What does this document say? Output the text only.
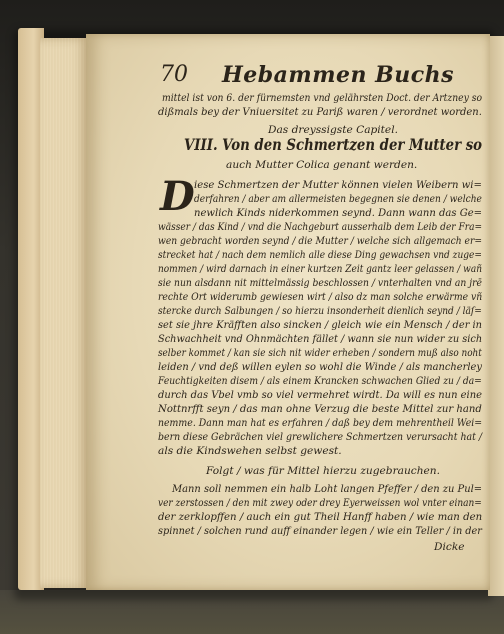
70 Hebammen Buchs
D
mittel ist von 6. der fürnemsten vnd gelährsten Doct. der Artzney so
dißmals bey der Vniuersitet zu Pariß waren / verordnet worden.
Das dreyssigste Capitel.
VIII. Von den Schmertzen der Mutter so
auch Mutter Colica genant werden.
iese Schmertzen der Mutter können vielen Weibern wi=
derfahren / aber am allermeisten begegnen sie denen / welche
newlich Kinds niderkommen seynd. Dann wann das Ge=
wässer / das Kind / vnd die Nachgeburt ausserhalb dem Leib der Fra=
wen gebracht worden seynd / die Mutter / welche sich allgemach er=
strecket hat / nach dem nemlich alle diese Ding gewachsen vnd zuge=
nommen / wird darnach in einer kurtzen Zeit gantz leer gelassen / wañ
sie nun alsdann nit mittelmässig beschlossen / vnterhalten vnd an jrē
rechte Ort widerumb gewiesen wirt / also dz man solche erwärme vñ
stercke durch Salbungen / so hierzu insonderheit dienlich seynd / läſ=
set sie jhre Kräfften also sincken / gleich wie ein Mensch / der in
Schwachheit vnd Ohnmächten fället / wann sie nun wider zu sich
selber kommet / kan sie sich nit wider erheben / sondern muß also noht
leiden / vnd deß willen eylen so wohl die Winde / als mancherley
Feuchtigkeiten disem / als einem Krancken schwachen Glied zu / da=
durch das Vbel vmb so viel vermehret wirdt. Da will es nun eine
Nottnrfft seyn / das man ohne Verzug die beste Mittel zur hand
nemme. Dann man hat es erfahren / daß bey dem mehrentheil Wei=
bern diese Gebrächen viel grewlichere Schmertzen verursacht hat /
als die Kindswehen selbst gewest.
Folgt / was für Mittel hierzu zugebrauchen.
Mann soll nemmen ein halb Loht langen Pfeffer / den zu Pul=
ver zerstossen / den mit zwey oder drey Eyerweissen wol vnter einan=
der zerklopffen / auch ein gut Theil Hanff haben / wie man den
spinnet / solchen rund auff einander legen / wie ein Teller / in der
Dicke
